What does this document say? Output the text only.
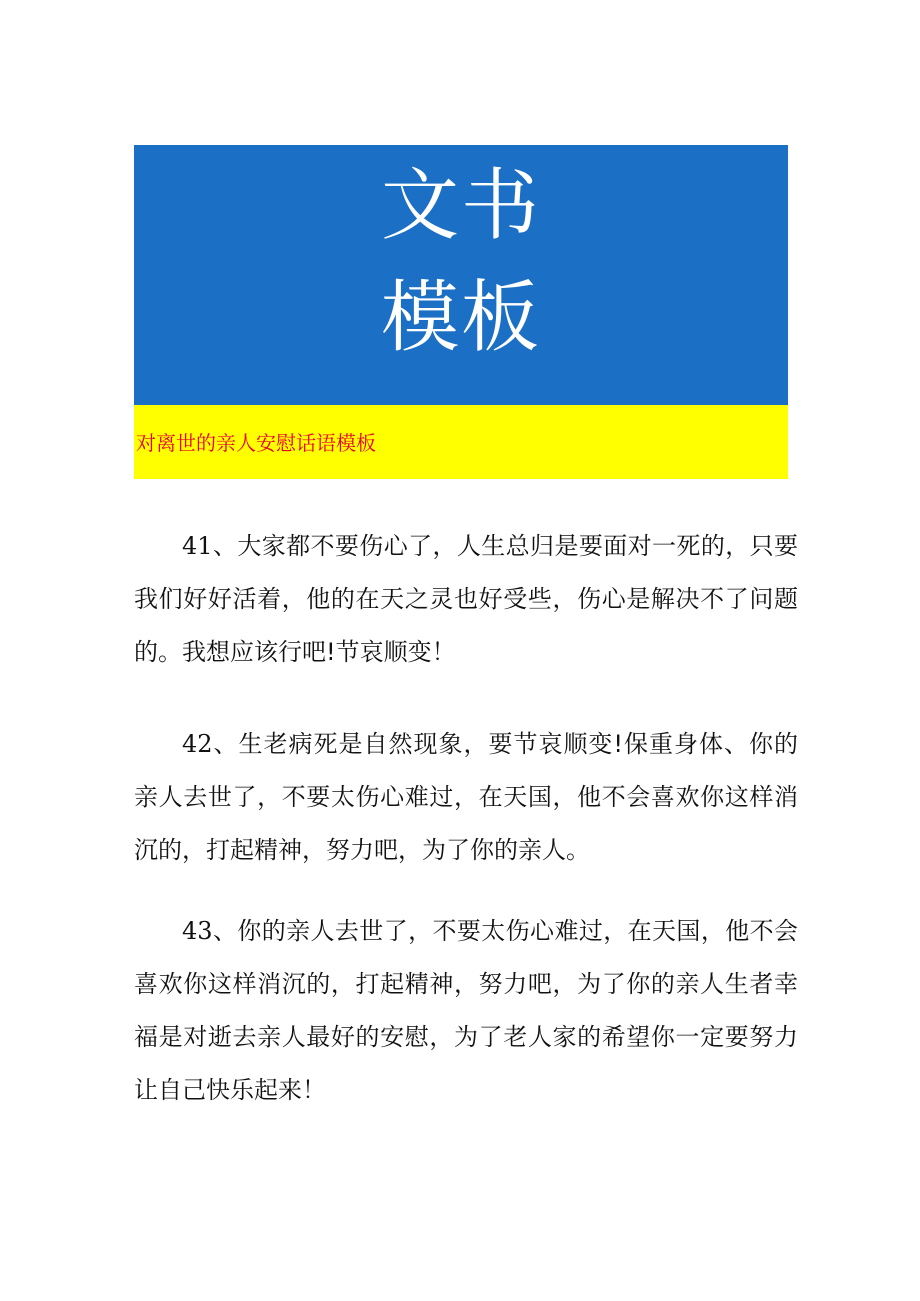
文书
模板
对离世的亲人安慰话语模板
41、大家都不要伤心了，人生总归是要面对一死的，只要我们好好活着，他的在天之灵也好受些，伤心是解决不了问题的。我想应该行吧!节哀顺变！
42、生老病死是自然现象，要节哀顺变!保重身体、你的亲人去世了，不要太伤心难过，在天国，他不会喜欢你这样消沉的，打起精神，努力吧，为了你的亲人。
43、你的亲人去世了，不要太伤心难过，在天国，他不会喜欢你这样消沉的，打起精神，努力吧，为了你的亲人生者幸福是对逝去亲人最好的安慰，为了老人家的希望你一定要努力让自己快乐起来！
